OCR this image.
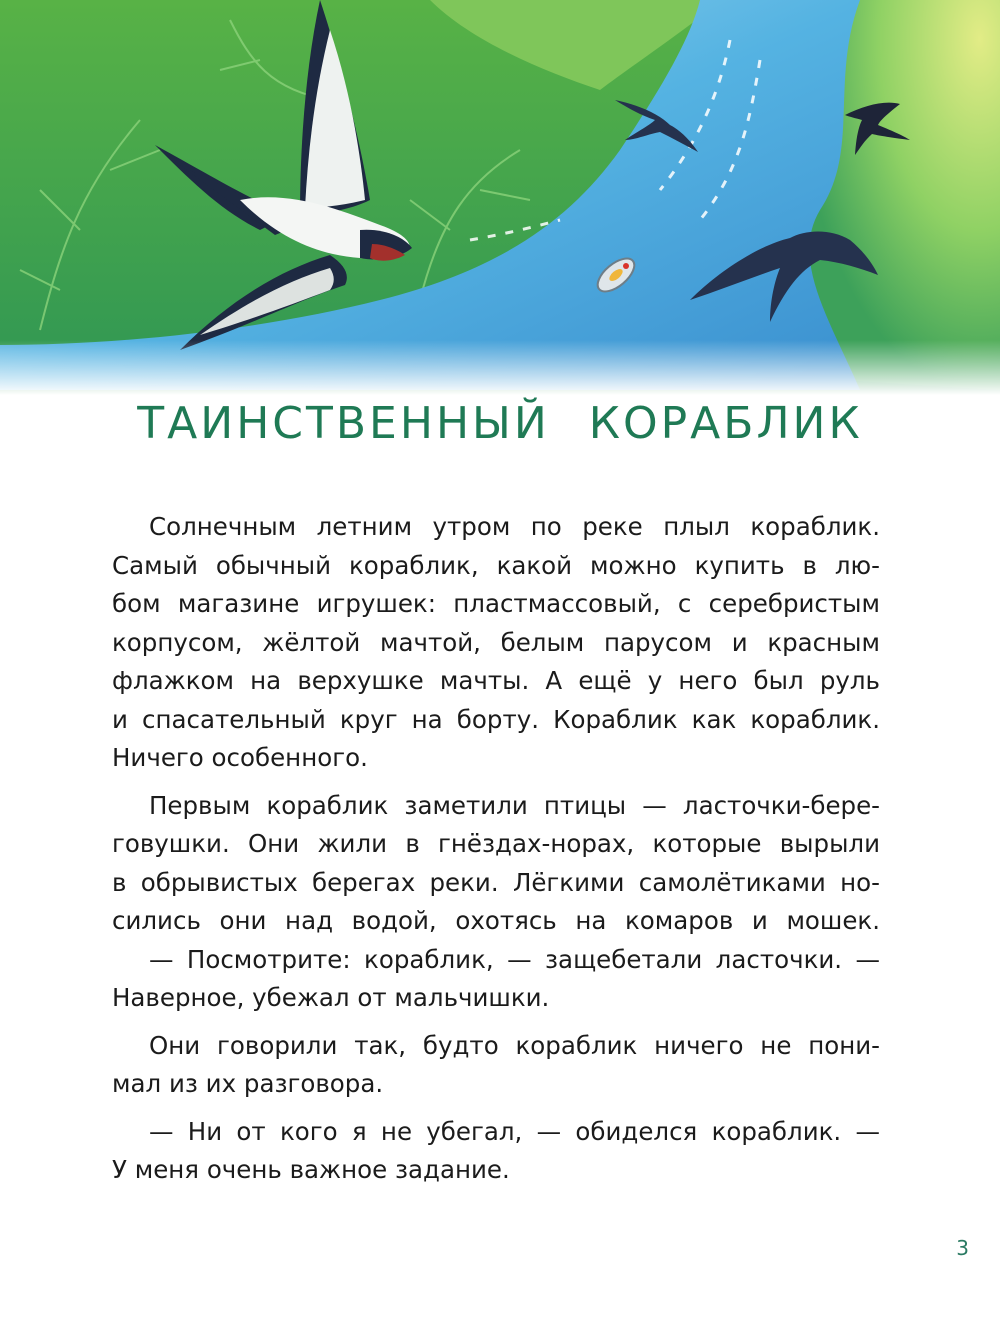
ТАИНСТВЕННЫЙ КОРАБЛИК
Солнечным летним утром по реке плыл кораблик.
Самый обычный кораблик, какой можно купить в лю-
бом магазине игрушек: пластмассовый, с серебристым
корпусом, жёлтой мачтой, белым парусом и красным
флажком на верхушке мачты. А ещё у него был руль
и спасательный круг на борту. Кораблик как кораблик.
Ничего особенного.
Первым кораблик заметили птицы — ласточки-бере-
говушки. Они жили в гнёздах-норах, которые вырыли
в обрывистых берегах реки. Лёгкими самолётиками но-
сились они над водой, охотясь на комаров и мошек.
— Посмотрите: кораблик, — защебетали ласточки. —
Наверное, убежал от мальчишки.
Они говорили так, будто кораблик ничего не пони-
мал из их разговора.
— Ни от кого я не убегал, — обиделся кораблик. —
У меня очень важное задание.
3
